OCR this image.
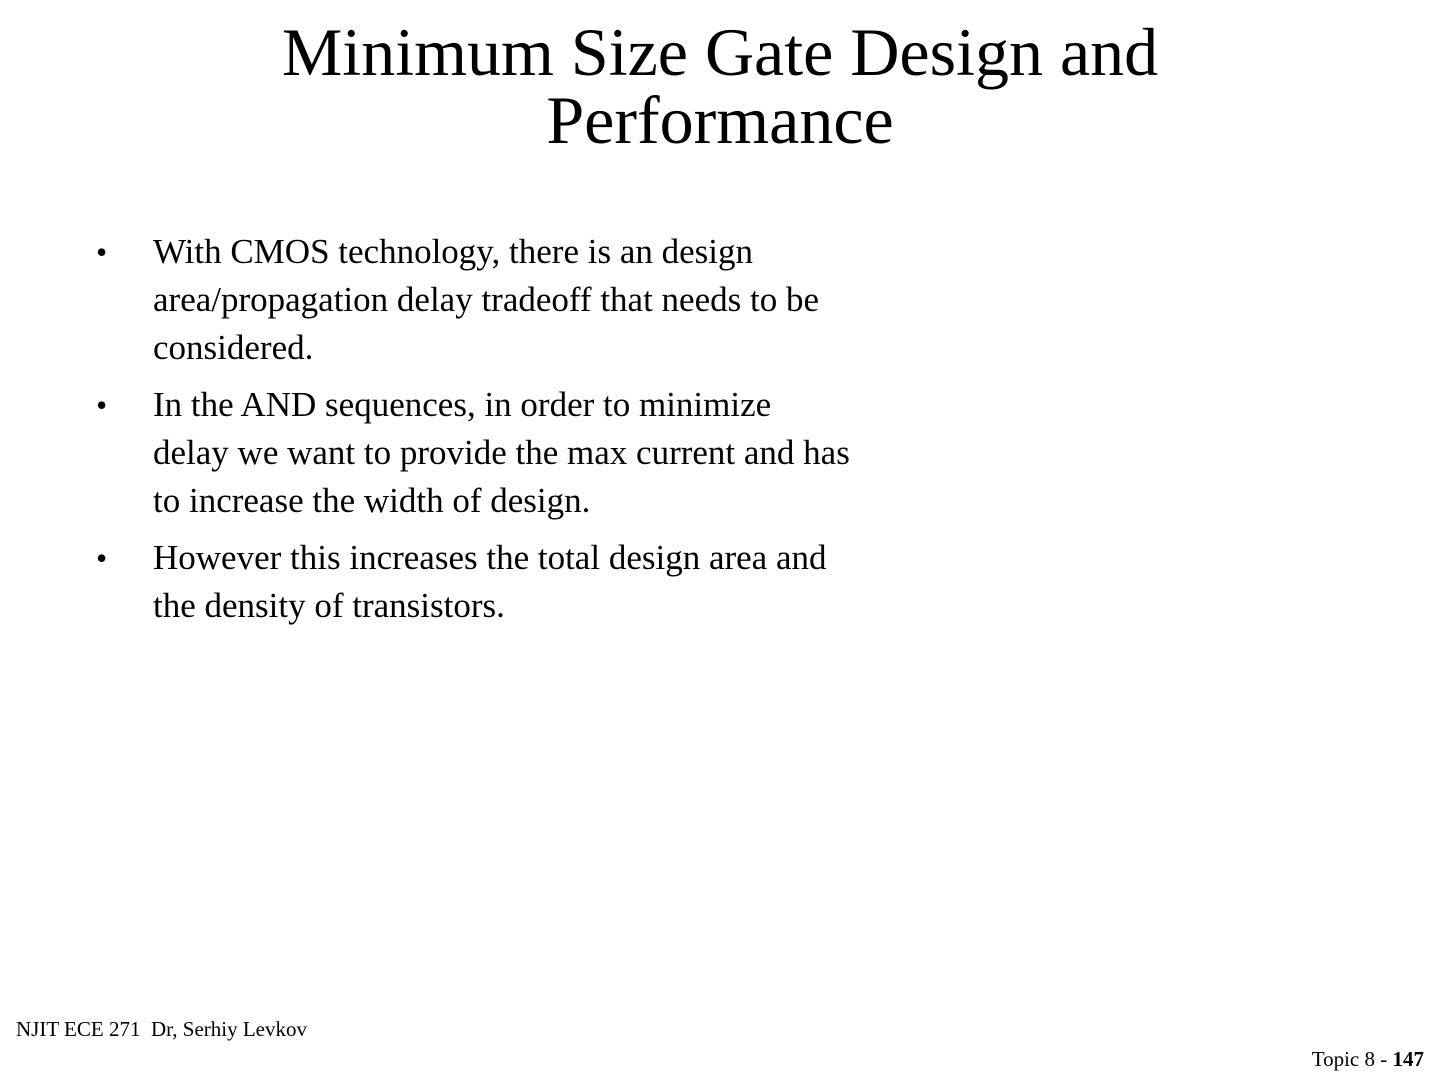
Minimum Size Gate Design and
Performance
•	With CMOS technology, there is an design
area/propagation delay tradeoff that needs to be
considered.
•	In the AND sequences, in order to minimize
delay we want to provide the max current and has
to increase the width of design.
•	However this increases the total design area and
the density of transistors.
NJIT ECE 271  Dr, Serhiy Levkov
Topic 8 - 147
